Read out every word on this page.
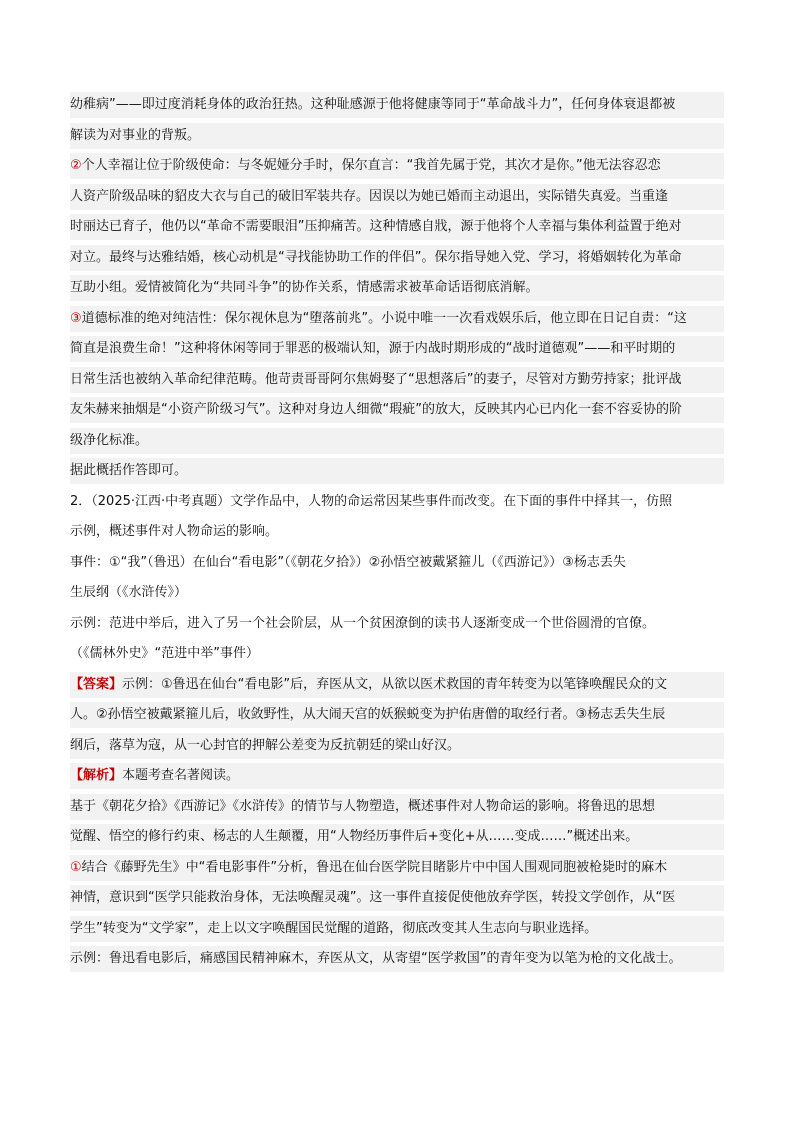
幼稚病”——即过度消耗身体的政治狂热。这种耻感源于他将健康等同于“革命战斗力”，任何身体衰退都被
解读为对事业的背叛。
②个人幸福让位于阶级使命：与冬妮娅分手时，保尔直言：“我首先属于党，其次才是你。”他无法容忍恋
人资产阶级品味的貂皮大衣与自己的破旧军装共存。因误以为她已婚而主动退出，实际错失真爱。当重逢
时丽达已育子，他仍以“革命不需要眼泪”压抑痛苦。这种情感自戕，源于他将个人幸福与集体利益置于绝对
对立。最终与达雅结婚，核心动机是“寻找能协助工作的伴侣”。保尔指导她入党、学习，将婚姻转化为革命
互助小组。爱情被简化为“共同斗争”的协作关系，情感需求被革命话语彻底消解。
③道德标准的绝对纯洁性：保尔视休息为“堕落前兆”。小说中唯一一次看戏娱乐后，他立即在日记自责：“这
简直是浪费生命！”这种将休闲等同于罪恶的极端认知，源于内战时期形成的“战时道德观”——和平时期的
日常生活也被纳入革命纪律范畴。他苛责哥哥阿尔焦姆娶了“思想落后”的妻子，尽管对方勤劳持家；批评战
友朱赫来抽烟是“小资产阶级习气”。这种对身边人细微“瑕疵”的放大，反映其内心已内化一套不容妥协的阶
级净化标准。
据此概括作答即可。
2．（2025·江西·中考真题）文学作品中，人物的命运常因某些事件而改变。在下面的事件中择其一，仿照
示例，概述事件对人物命运的影响。
事件：①“我”（鲁迅）在仙台“看电影”（《朝花夕拾》）②孙悟空被戴紧箍儿（《西游记》）③杨志丢失
生辰纲（《水浒传》）
示例：范进中举后，进入了另一个社会阶层，从一个贫困潦倒的读书人逐渐变成一个世俗圆滑的官僚。
（《儒林外史》“范进中举”事件）
【答案】示例：①鲁迅在仙台“看电影”后，弃医从文，从欲以医术救国的青年转变为以笔锋唤醒民众的文
人。②孙悟空被戴紧箍儿后，收敛野性，从大闹天宫的妖猴蜕变为护佑唐僧的取经行者。③杨志丢失生辰
纲后，落草为寇，从一心封官的押解公差变为反抗朝廷的梁山好汉。
【解析】本题考查名著阅读。
基于《朝花夕拾》《西游记》《水浒传》的情节与人物塑造，概述事件对人物命运的影响。将鲁迅的思想
觉醒、悟空的修行约束、杨志的人生颠覆，用“人物经历事件后+变化+从……变成……”概述出来。
①结合《藤野先生》中“看电影事件”分析，鲁迅在仙台医学院目睹影片中中国人围观同胞被枪毙时的麻木
神情，意识到“医学只能救治身体，无法唤醒灵魂”。这一事件直接促使他放弃学医，转投文学创作，从“医
学生”转变为“文学家”，走上以文字唤醒国民觉醒的道路，彻底改变其人生志向与职业选择。
示例：鲁迅看电影后，痛感国民精神麻木，弃医从文，从寄望“医学救国”的青年变为以笔为枪的文化战士。
